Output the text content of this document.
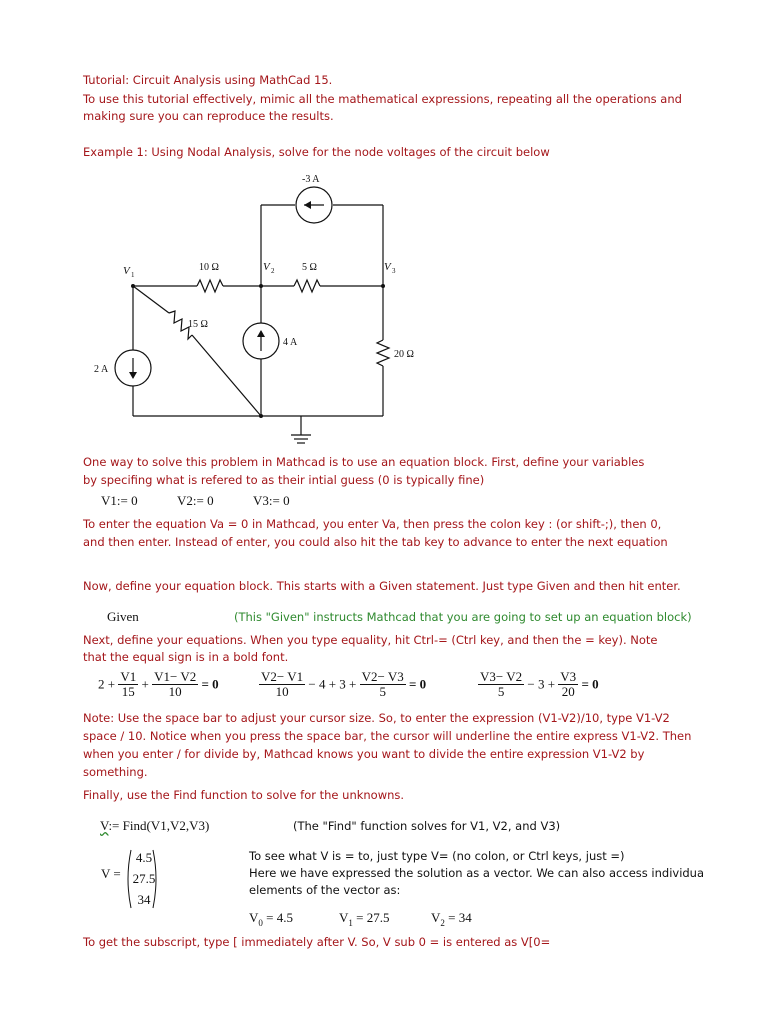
Tutorial: Circuit Analysis using MathCad 15.
To use this tutorial effectively, mimic all the mathematical expressions, repeating all the operations and
making sure you can reproduce the results.
Example 1: Using Nodal Analysis, solve for the node voltages of the circuit below
-3 A
10 Ω	5 Ω
15 Ω
20 Ω
4 A
2 A
V 1
V 2	V 3
One way to solve this problem in Mathcad is to use an equation block. First, define your variables
by specifing what is refered to as their intial guess (0 is typically fine)
V1:= 0	V2:= 0	V3:= 0
To enter the equation Va = 0 in Mathcad, you enter Va, then press the colon key : (or shift-;), then 0,
and then enter. Instead of enter, you could also hit the tab key to advance to enter the next equation
Now, define your equation block. This starts with a Given statement. Just type Given and then hit enter.
Given	(This "Given" instructs Mathcad that you are going to set up an equation block)
Next, define your equations. When you type equality, hit Ctrl-= (Ctrl key, and then the = key). Note
that the equal sign is in a bold font.
$2 + \frac{V1}{15} + \frac{V1- V2}{10} = 0$	$\frac{V2- V1}{10} - 4 + 3 + \frac{V2- V3}{5} = 0$	$\frac{V3- V2}{5} - 3 + \frac{V3}{20} = 0$
Note: Use the space bar to adjust your cursor size. So, to enter the expression (V1-V2)/10, type V1-V2
space / 10. Notice when you press the space bar, the cursor will underline the entire express V1-V2. Then
when you enter / for divide by, Mathcad knows you want to divide the entire expression V1-V2 by
something.
Finally, use the Find function to solve for the unknowns.
V:= Find(V1,V2,V3)	(The "Find" function solves for V1, V2, and V3)
V =
4.5
27.5
34
To see what V is = to, just type V= (no colon, or Ctrl keys, just =)
Here we have expressed the solution as a vector. We can also access individua
elements of the vector as:
$V_0 = 4.5$	$V_1 = 27.5$	$V_2 = 34$
To get the subscript, type [ immediately after V. So, V sub 0 = is entered as V[0=
